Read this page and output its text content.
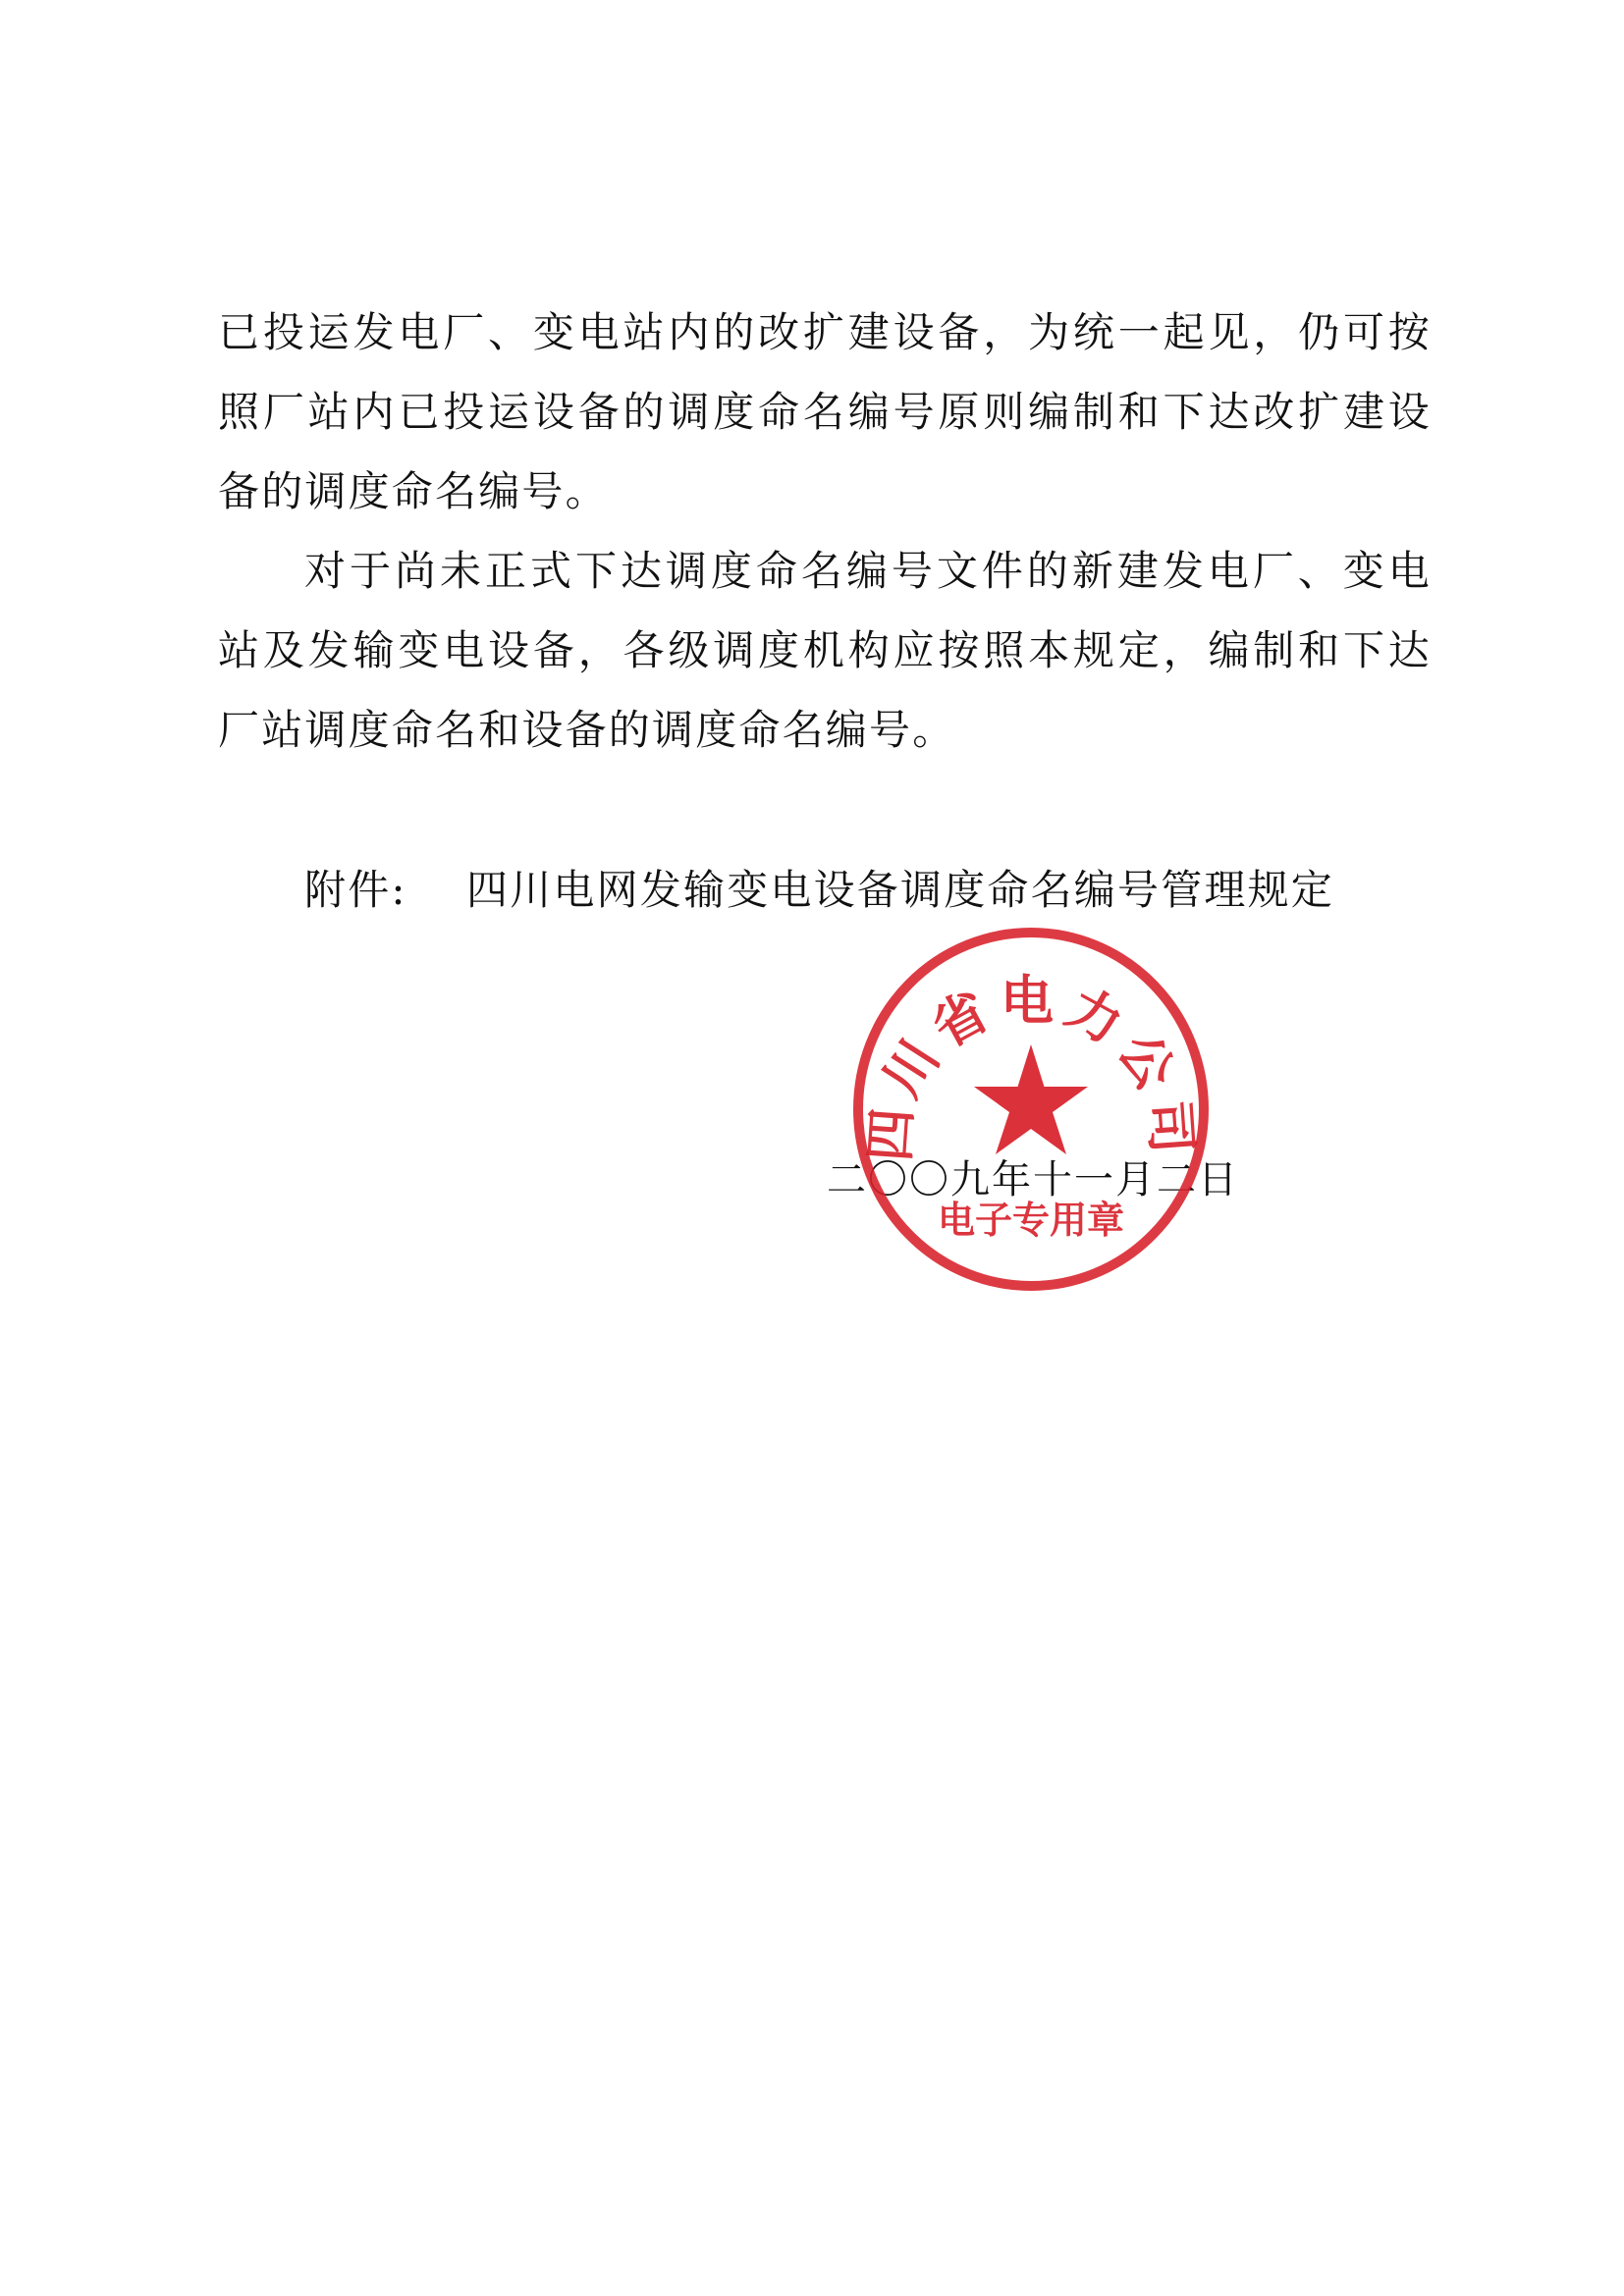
已投运发电厂、变电站内的改扩建设备，为统一起见，仍可按照厂站内已投运设备的调度命名编号原则编制和下达改扩建设备的调度命名编号。

对于尚未正式下达调度命名编号文件的新建发电厂、变电站及发输变电设备，各级调度机构应按照本规定，编制和下达厂站调度命名和设备的调度命名编号。

附件: 四川电网发输变电设备调度命名编号管理规定
二〇〇九年十一月二日
四川省电力公司
电子专用章
